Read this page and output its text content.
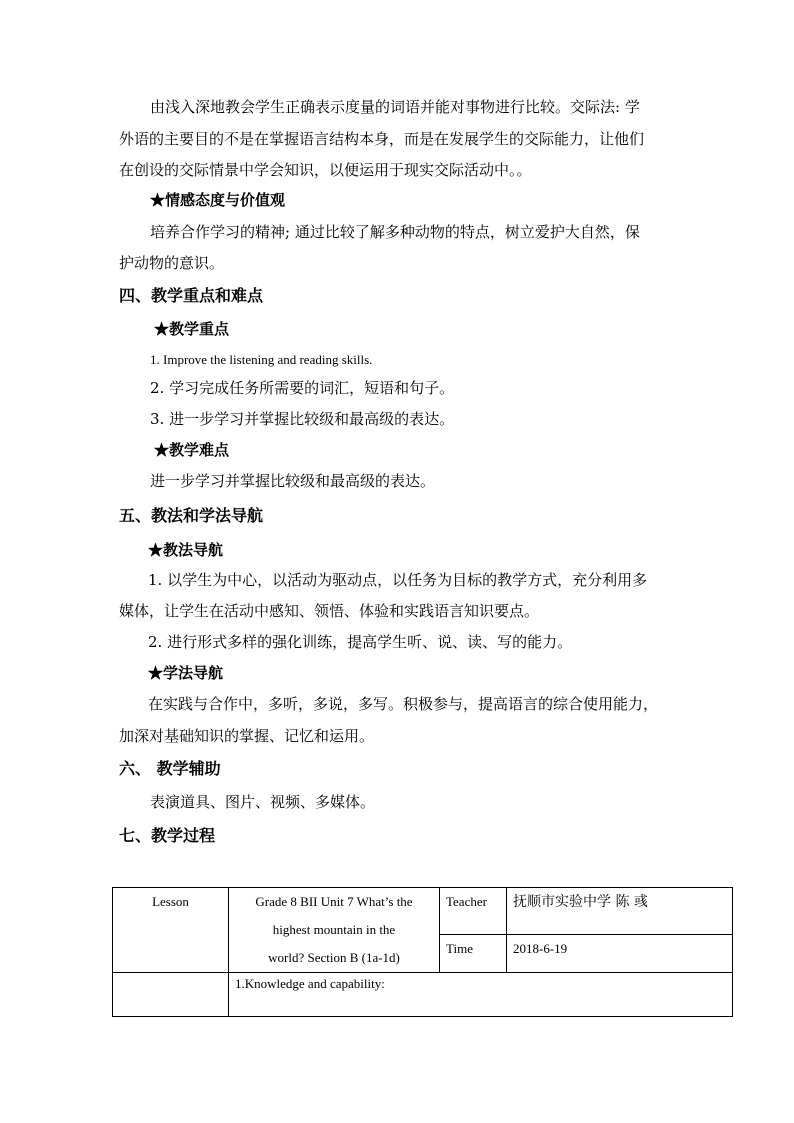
由浅入深地教会学生正确表示度量的词语并能对事物进行比较。交际法: 学
外语的主要目的不是在掌握语言结构本身，而是在发展学生的交际能力，让他们
在创设的交际情景中学会知识，以便运用于现实交际活动中。。
★情感态度与价值观
培养合作学习的精神; 通过比较了解多种动物的特点，树立爱护大自然，保
护动物的意识。
四、教学重点和难点
★教学重点
1. Improve the listening and reading skills.
2. 学习完成任务所需要的词汇，短语和句子。
3. 进一步学习并掌握比较级和最高级的表达。
★教学难点
进一步学习并掌握比较级和最高级的表达。
五、教法和学法导航
★教法导航
1. 以学生为中心，以活动为驱动点，以任务为目标的教学方式，充分利用多
媒体，让学生在活动中感知、领悟、体验和实践语言知识要点。
2. 进行形式多样的强化训练，提高学生听、说、读、写的能力。
★学法导航
在实践与合作中，多听，多说，多写。积极参与，提高语言的综合使用能力，
加深对基础知识的掌握、记忆和运用。
六、 教学辅助
表演道具、图片、视频、多媒体。
七、教学过程
Lesson	Grade 8 BII Unit 7 What’s the
highest mountain in the
world? Section B (1a-1d)	Teacher	抚顺市实验中学 陈 彧
		Time	2018-6-19
	1.Knowledge and capability:		
